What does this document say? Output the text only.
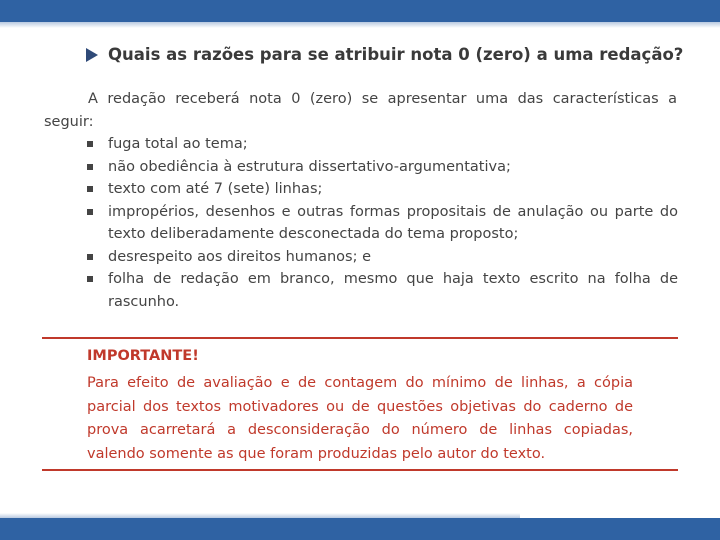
Quais as razões para se atribuir nota 0 (zero) a uma redação?
A redação receberá nota 0 (zero) se apresentar uma das características a seguir:
fuga total ao tema;
não obediência à estrutura dissertativo-argumentativa;
texto com até 7 (sete) linhas;
impropérios, desenhos e outras formas propositais de anulação ou parte do texto deliberadamente desconectada do tema proposto;
desrespeito aos direitos humanos; e
folha de redação em branco, mesmo que haja texto escrito na folha de rascunho.
IMPORTANTE!
Para efeito de avaliação e de contagem do mínimo de linhas, a cópia parcial dos textos motivadores ou de questões objetivas do caderno de prova acarretará a desconsideração do número de linhas copiadas, valendo somente as que foram produzidas pelo autor do texto.
